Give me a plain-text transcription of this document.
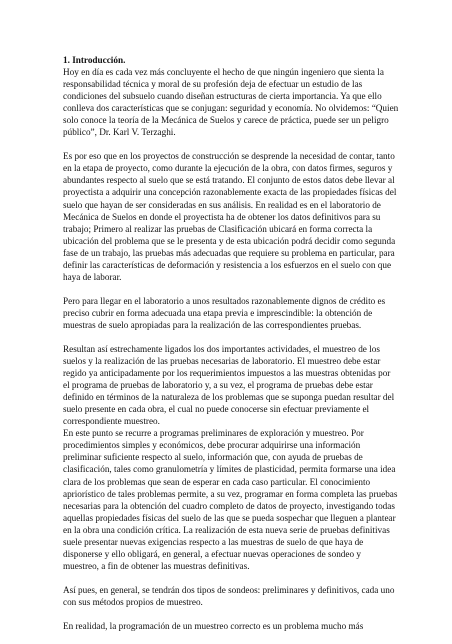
1. Introducción.

Hoy en día es cada vez más concluyente el hecho de que ningún ingeniero que sienta la responsabilidad técnica y moral de su profesión deja de efectuar un estudio de las condiciones del subsuelo cuando diseñan estructuras de cierta importancia. Ya que ello conlleva dos características que se conjugan: seguridad y economía. No olvidemos: “Quien solo conoce la teoría de la Mecánica de Suelos y carece de práctica, puede ser un peligro público”, Dr. Karl V. Terzaghi.

Es por eso que en los proyectos de construcción se desprende la necesidad de contar, tanto en la etapa de proyecto, como durante la ejecución de la obra, con datos firmes, seguros y abundantes respecto al suelo que se está tratando. El conjunto de estos datos debe llevar al proyectista a adquirir una concepción razonablemente exacta de las propiedades físicas del suelo que hayan de ser consideradas en sus análisis. En realidad es en el laboratorio de Mecánica de Suelos en donde el proyectista ha de obtener los datos definitivos para su trabajo; Primero al realizar las pruebas de Clasificación ubicará en forma correcta la ubicación del problema que se le presenta y de esta ubicación podrá decidir como segunda fase de un trabajo, las pruebas más adecuadas que requiere su problema en particular, para definir las características de deformación y resistencia a los esfuerzos en el suelo con que haya de laborar.

Pero para llegar en el laboratorio a unos resultados razonablemente dignos de crédito es preciso cubrir en forma adecuada una etapa previa e imprescindible: la obtención de muestras de suelo apropiadas para la realización de las correspondientes pruebas.

Resultan así estrechamente ligados los dos importantes actividades, el muestreo de los suelos y la realización de las pruebas necesarias de laboratorio. El muestreo debe estar regido ya anticipadamente por los requerimientos impuestos a las muestras obtenidas por el programa de pruebas de laboratorio y, a su vez, el programa de pruebas debe estar definido en términos de la naturaleza de los problemas que se suponga puedan resultar del suelo presente en cada obra, el cual no puede conocerse sin efectuar previamente el correspondiente muestreo.

En este punto se recurre a programas preliminares de exploración y muestreo. Por procedimientos simples y económicos, debe procurar adquirirse una información preliminar suficiente respecto al suelo, información que, con ayuda de pruebas de clasificación, tales como granulometría y límites de plasticidad, permita formarse una idea clara de los problemas que sean de esperar en cada caso particular. El conocimiento apriorístico de tales problemas permite, a su vez, programar en forma completa las pruebas necesarias para la obtención del cuadro completo de datos de proyecto, investigando todas aquellas propiedades físicas del suelo de las que se pueda sospechar que lleguen a plantear en la obra una condición crítica. La realización de esta nueva serie de pruebas definitivas suele presentar nuevas exigencias respecto a las muestras de suelo de que haya de disponerse y ello obligará, en general, a efectuar nuevas operaciones de sondeo y muestreo, a fin de obtener las muestras definitivas.

Así pues, en general, se tendrán dos tipos de sondeos: preliminares y definitivos, cada uno con sus métodos propios de muestreo.

En realidad, la programación de un muestreo correcto es un problema mucho más
